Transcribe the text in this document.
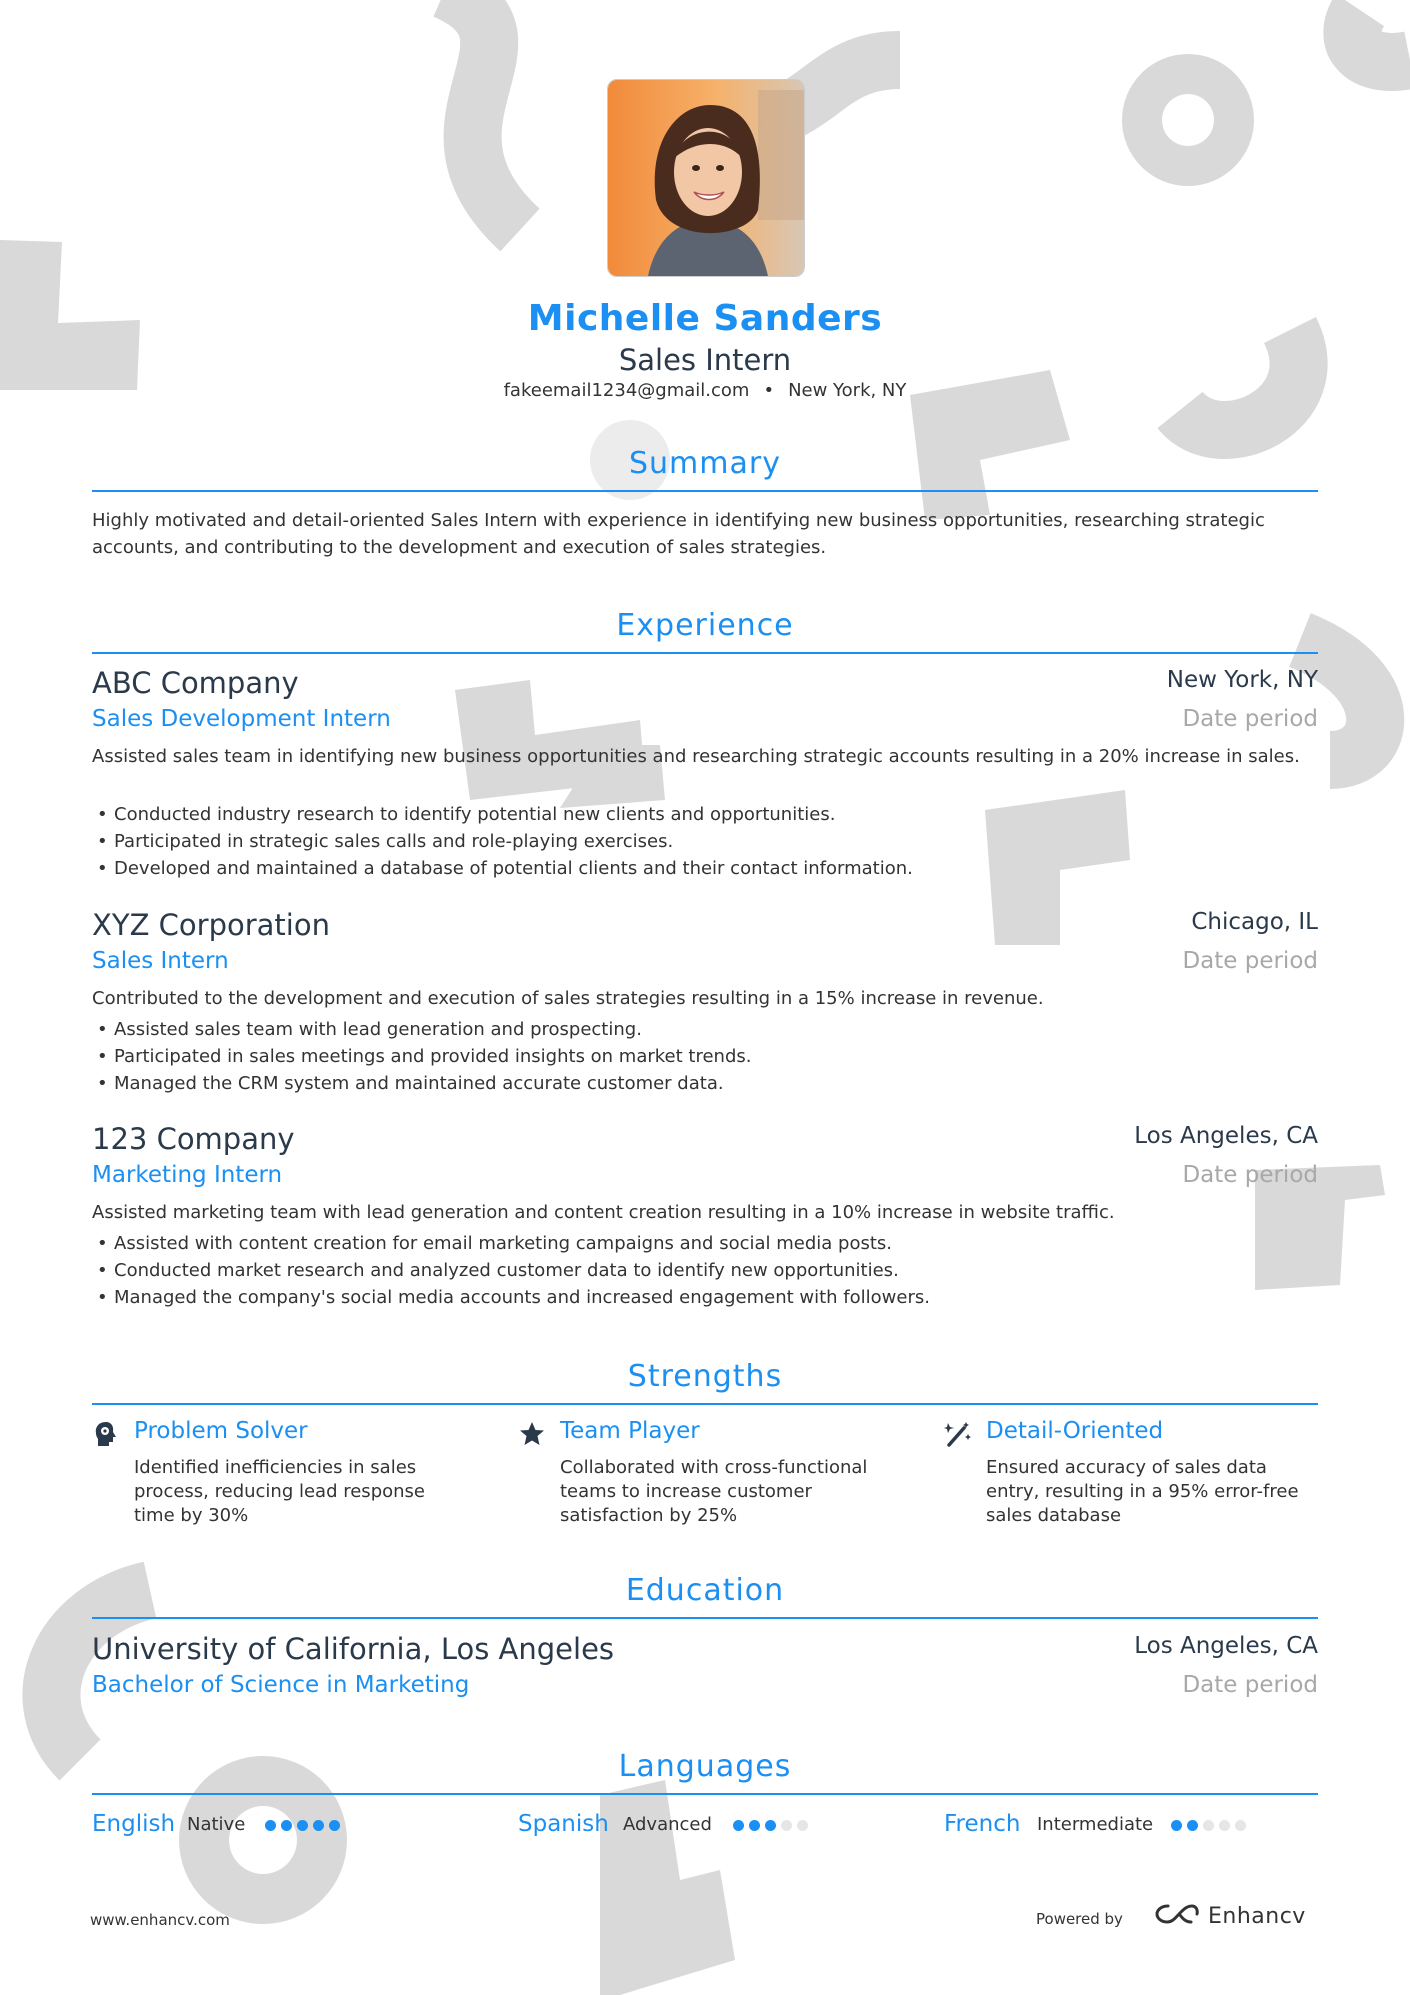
Michelle Sanders
Sales Intern
fakeemail1234@gmail.com • New York, NY
Summary
Highly motivated and detail-oriented Sales Intern with experience in identifying new business opportunities, researching strategic accounts, and contributing to the development and execution of sales strategies.
Experience
ABC Company	New York, NY
Sales Development Intern	Date period
Assisted sales team in identifying new business opportunities and researching strategic accounts resulting in a 20% increase in sales.
• Conducted industry research to identify potential new clients and opportunities.
• Participated in strategic sales calls and role-playing exercises.
• Developed and maintained a database of potential clients and their contact information.
XYZ Corporation	Chicago, IL
Sales Intern	Date period
Contributed to the development and execution of sales strategies resulting in a 15% increase in revenue.
• Assisted sales team with lead generation and prospecting.
• Participated in sales meetings and provided insights on market trends.
• Managed the CRM system and maintained accurate customer data.
123 Company	Los Angeles, CA
Marketing Intern	Date period
Assisted marketing team with lead generation and content creation resulting in a 10% increase in website traffic.
• Assisted with content creation for email marketing campaigns and social media posts.
• Conducted market research and analyzed customer data to identify new opportunities.
• Managed the company's social media accounts and increased engagement with followers.
Strengths
Problem Solver
Identified inefficiencies in sales process, reducing lead response time by 30%
Team Player
Collaborated with cross-functional teams to increase customer satisfaction by 25%
Detail-Oriented
Ensured accuracy of sales data entry, resulting in a 95% error-free sales database
Education
University of California, Los Angeles	Los Angeles, CA
Bachelor of Science in Marketing	Date period
Languages
English Native	Spanish Advanced	French Intermediate
www.enhancv.com	Powered by	Enhancv
